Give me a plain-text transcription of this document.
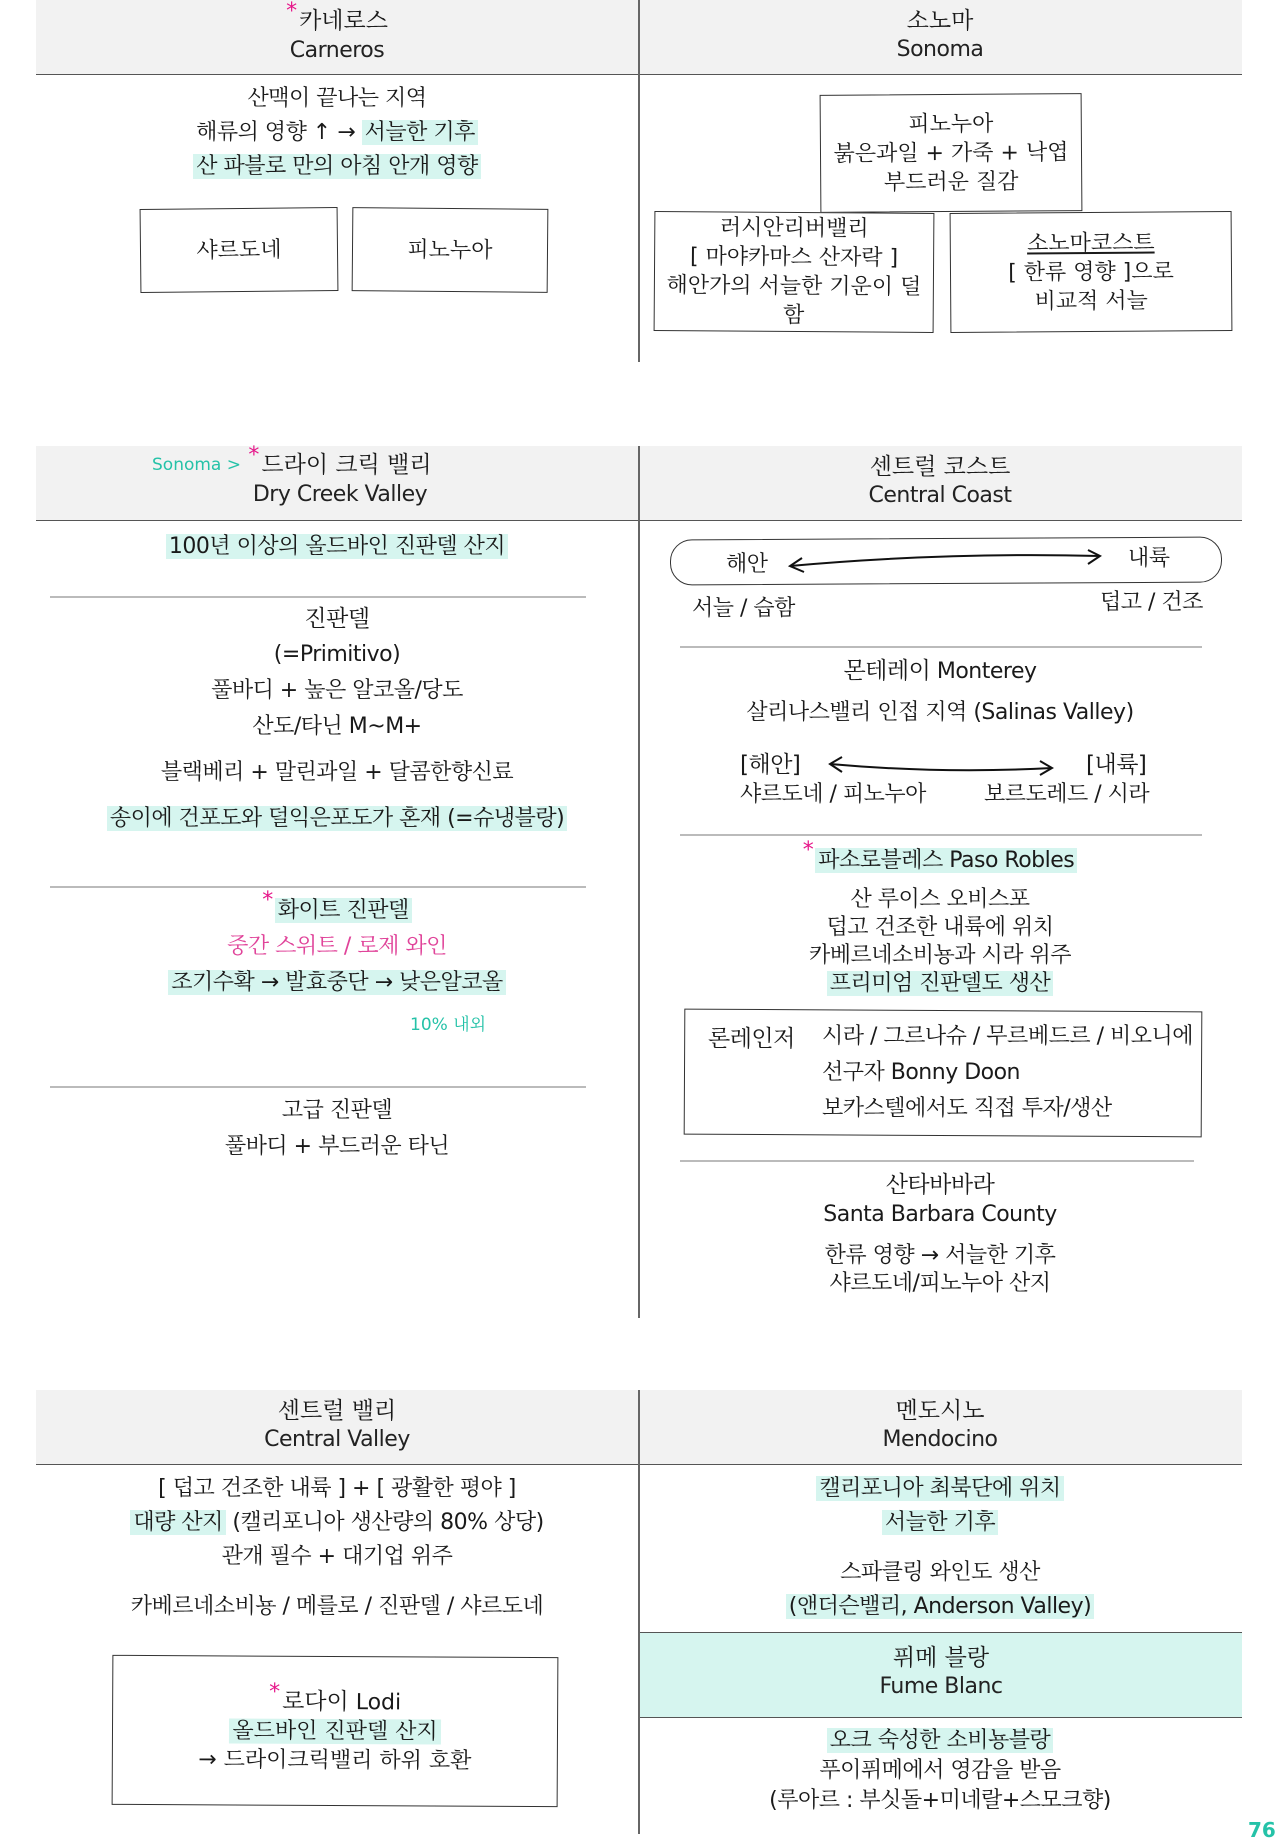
*카네로스
Carneros
소노마
Sonoma
산맥이 끝나는 지역
해류의 영향 ↑ → 서늘한 기후
산 파블로 만의 아침 안개 영향
샤르도네	피노누아
피노누아
붉은과일 + 가죽 + 낙엽
부드러운 질감
러시안리버밸리
[ 마야카마스 산자락 ]
해안가의 서늘한 기운이 덜 함
소노마코스트
[ 한류 영향 ]으로
비교적 서늘
Sonoma > *드라이 크릭 밸리
Dry Creek Valley
센트럴 코스트
Central Coast
100년 이상의 올드바인 진판델 산지
진판델
(=Primitivo)
풀바디 + 높은 알코올/당도
산도/타닌 M~M+
블랙베리 + 말린과일 + 달콤한향신료
송이에 건포도와 덜익은포도가 혼재 (=슈냉블랑)
* 화이트 진판델
중간 스위트 / 로제 와인
조기수확 → 발효중단 → 낮은알코올
10% 내외
고급 진판델
풀바디 + 부드러운 타닌
해안	내륙
서늘 / 습함	덥고 / 건조
몬테레이 Monterey
살리나스밸리 인접 지역 (Salinas Valley)
[해안]	[내륙]
샤르도네 / 피노누아	보르도레드 / 시라
* 파소로블레스 Paso Robles
산 루이스 오비스포
덥고 건조한 내륙에 위치
카베르네소비뇽과 시라 위주
프리미엄 진판델도 생산
론레인저 시라 / 그르나슈 / 무르베드르 / 비오니에
선구자 Bonny Doon
보카스텔에서도 직접 투자/생산
산타바바라
Santa Barbara County
한류 영향 → 서늘한 기후
샤르도네/피노누아 산지
센트럴 밸리
Central Valley
멘도시노
Mendocino
[ 덥고 건조한 내륙 ] + [ 광활한 평야 ]
대량 산지 (캘리포니아 생산량의 80% 상당)
관개 필수 + 대기업 위주
카베르네소비뇽 / 메를로 / 진판델 / 샤르도네
*로다이 Lodi
올드바인 진판델 산지
→ 드라이크릭밸리 하위 호환
캘리포니아 최북단에 위치
서늘한 기후
스파클링 와인도 생산
(앤더슨밸리, Anderson Valley)
퓌메 블랑
Fume Blanc
오크 숙성한 소비뇽블랑
푸이퓌메에서 영감을 받음
(루아르 : 부싯돌+미네랄+스모크향)
76
